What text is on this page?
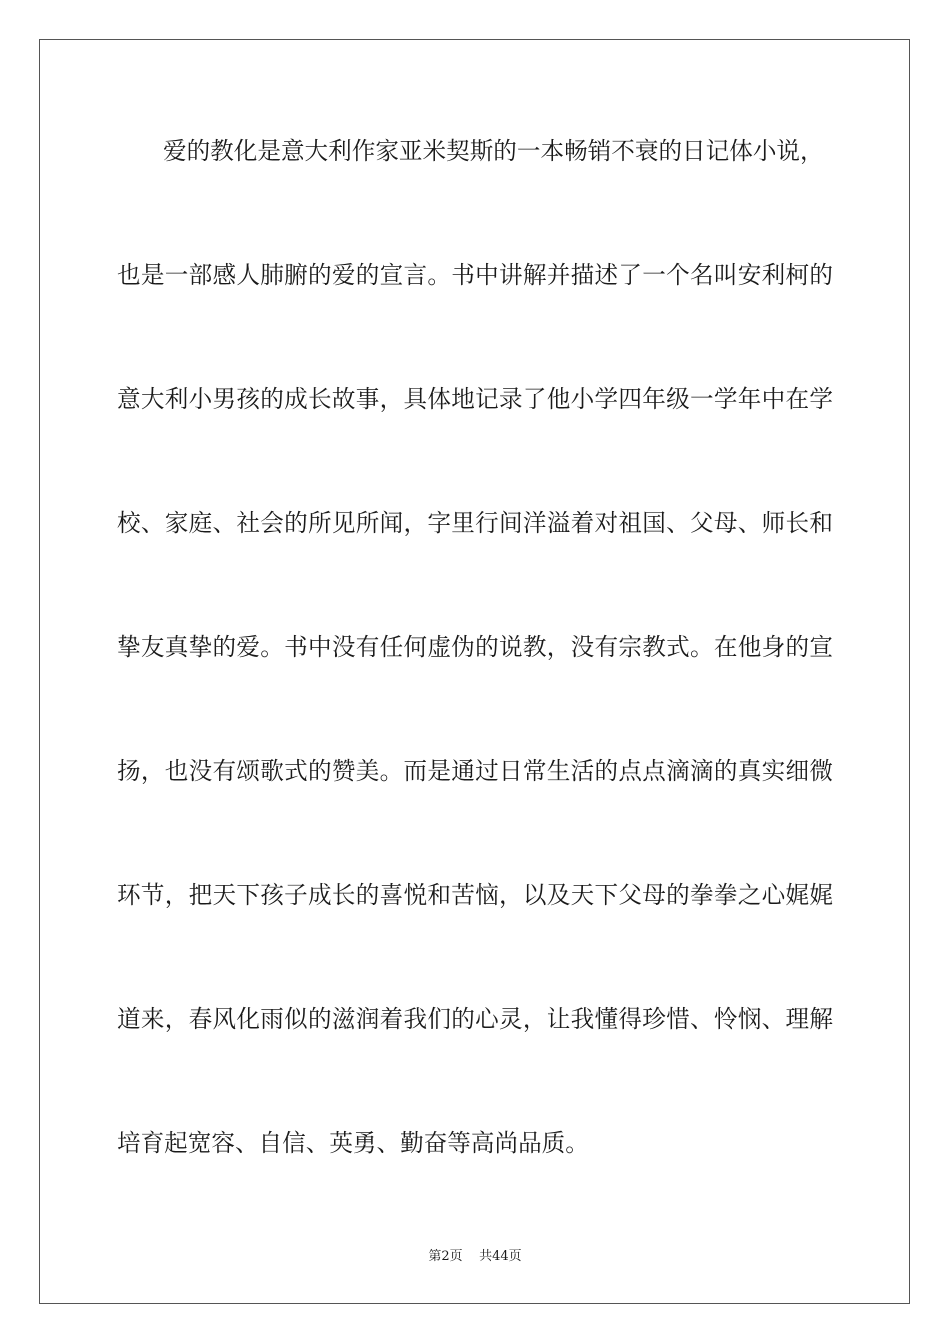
爱的教化是意大利作家亚米契斯的一本畅销不衰的日记体小说，
也是一部感人肺腑的爱的宣言。书中讲解并描述了一个名叫安利柯的
意大利小男孩的成长故事，具体地记录了他小学四年级一学年中在学
校、家庭、社会的所见所闻，字里行间洋溢着对祖国、父母、师长和
挚友真挚的爱。书中没有任何虚伪的说教，没有宗教式。在他身的宣
扬，也没有颂歌式的赞美。而是通过日常生活的点点滴滴的真实细微
环节，把天下孩子成长的喜悦和苦恼，以及天下父母的拳拳之心娓娓
道来，春风化雨似的滋润着我们的心灵，让我懂得珍惜、怜悯、理解
培育起宽容、自信、英勇、勤奋等高尚品质。
第2页    共44页
